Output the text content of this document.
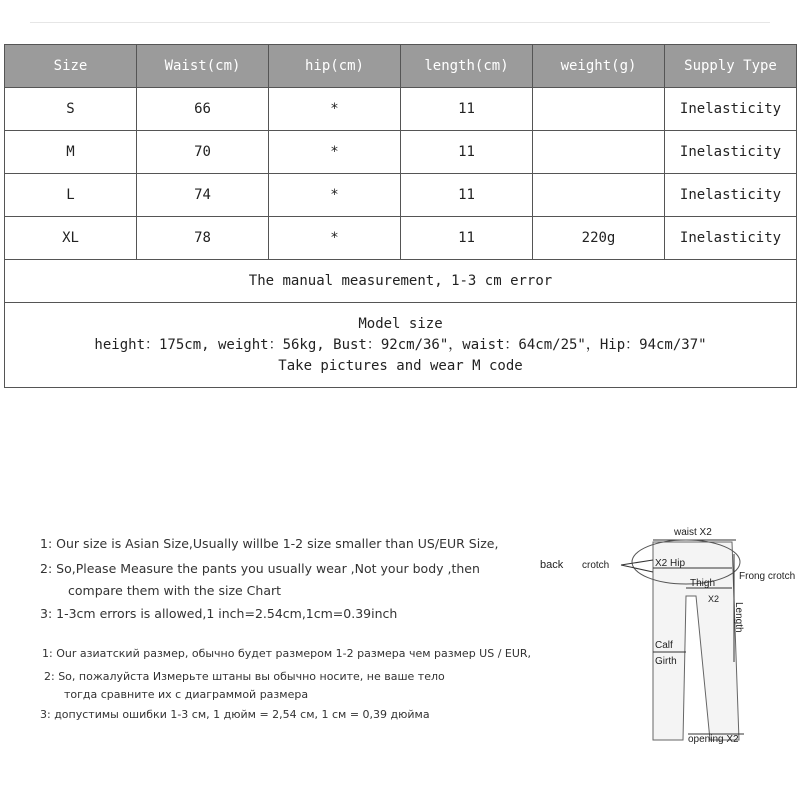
Size	Waist(cm)	hip(cm)	length(cm)	weight(g)	Supply Type
S	66	*	11		Inelasticity
M	70	*	11		Inelasticity
L	74	*	11		Inelasticity
XL	78	*	11	220g	Inelasticity
The manual measurement, 1-3 cm error					

Model size
height：175cm, weight：56kg, Bust：92cm/36"，waist：64cm/25"，Hip：94cm/37"
Take pictures and wear M code					
1: Our size is Asian Size,Usually willbe 1-2 size smaller than US/EUR Size,
2: So,Please Measure the pants you usually wear ,Not your body ,then
compare them with the size Chart
3: 1-3cm errors is allowed,1 inch=2.54cm,1cm=0.39inch
1: Our азиатский размер, обычно будет размером 1-2 размера чем размер US / EUR,
2: So, пожалуйста Измерьте штаны вы обычно носите, не ваше тело
тогда сравните их с диаграммой размера
3: допустимы ошибки 1-3 см, 1 дюйм = 2,54 см, 1 см = 0,39 дюйма
waist X2
X2 Hip
Thigh
X2
back crotch
Frong crotch
Length
Calf
Girth
opening X2
